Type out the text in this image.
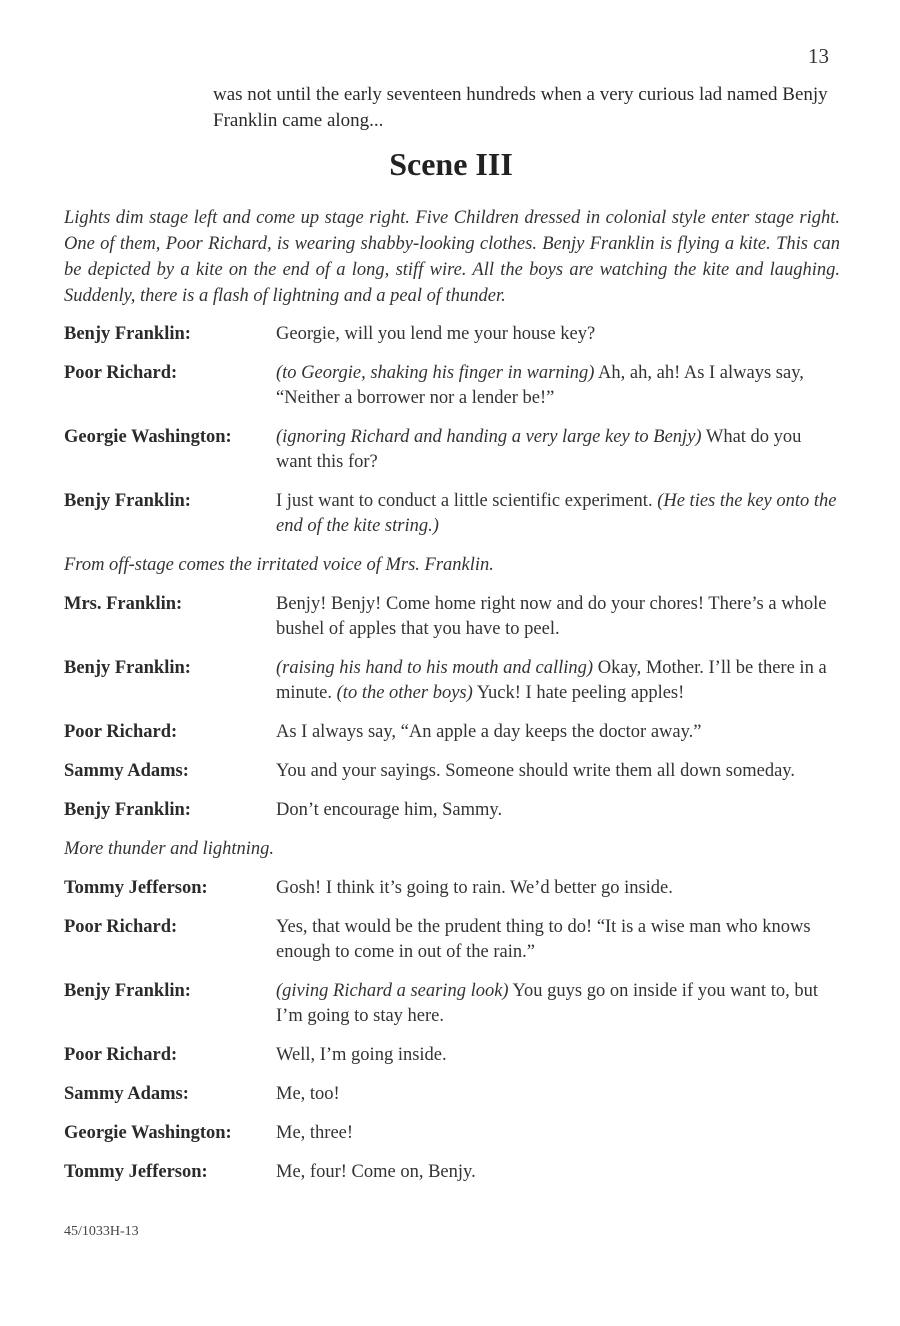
13

was not until the early seventeen hundreds when a very curious lad named Benjy Franklin came along...

Scene III

Lights dim stage left and come up stage right. Five Children dressed in colonial style enter stage right. One of them, Poor Richard, is wearing shabby-looking clothes. Benjy Franklin is flying a kite. This can be depicted by a kite on the end of a long, stiff wire. All the boys are watching the kite and laughing. Suddenly, there is a flash of lightning and a peal of thunder.

Benjy Franklin:	Georgie, will you lend me your house key?
Poor Richard:	(to Georgie, shaking his finger in warning) Ah, ah, ah! As I always say, “Neither a borrower nor a lender be!”
Georgie Washington:	(ignoring Richard and handing a very large key to Benjy) What do you want this for?
Benjy Franklin:	I just want to conduct a little scientific experiment. (He ties the key onto the end of the kite string.)
From off-stage comes the irritated voice of Mrs. Franklin.
Mrs. Franklin:	Benjy! Benjy! Come home right now and do your chores! There’s a whole bushel of apples that you have to peel.
Benjy Franklin:	(raising his hand to his mouth and calling) Okay, Mother. I’ll be there in a minute. (to the other boys) Yuck! I hate peeling apples!
Poor Richard:	As I always say, “An apple a day keeps the doctor away.”
Sammy Adams:	You and your sayings. Someone should write them all down someday.
Benjy Franklin:	Don’t encourage him, Sammy.
More thunder and lightning.
Tommy Jefferson:	Gosh! I think it’s going to rain. We’d better go inside.
Poor Richard:	Yes, that would be the prudent thing to do! “It is a wise man who knows enough to come in out of the rain.”
Benjy Franklin:	(giving Richard a searing look) You guys go on inside if you want to, but I’m going to stay here.
Poor Richard:	Well, I’m going inside.
Sammy Adams:	Me, too!
Georgie Washington:	Me, three!
Tommy Jefferson:	Me, four! Come on, Benjy.
45/1033H-13
